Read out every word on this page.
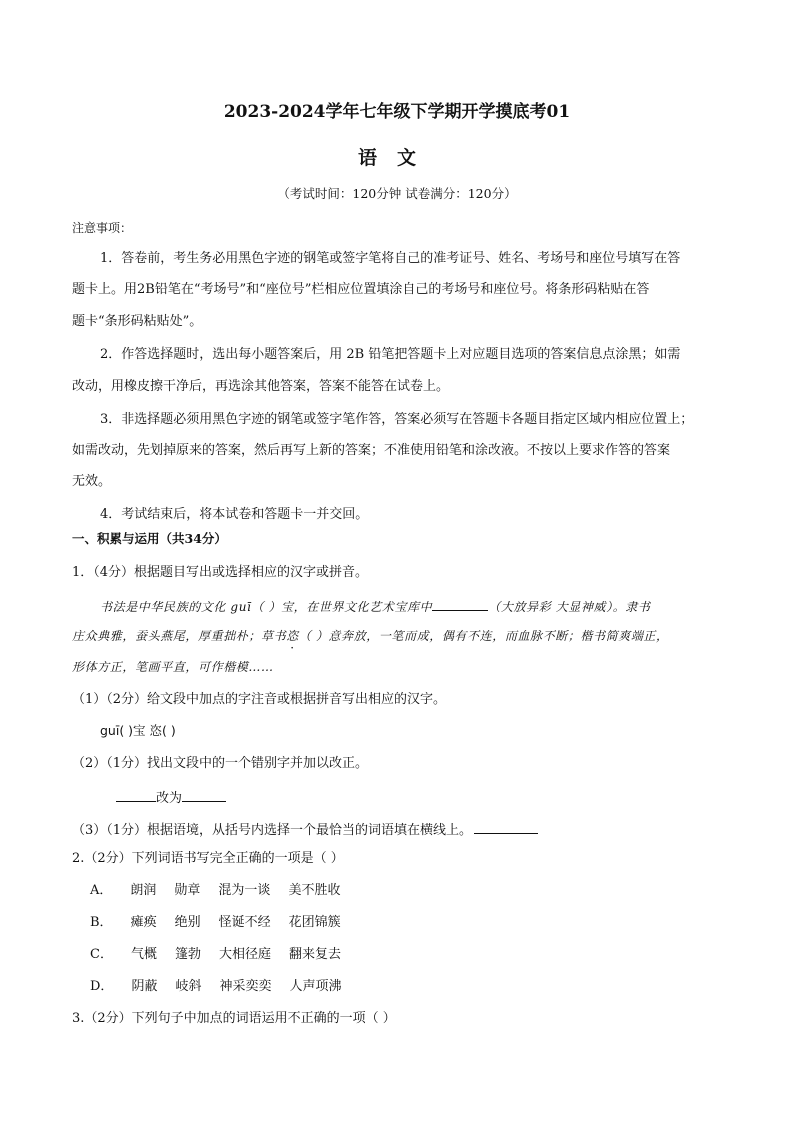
2023-2024学年七年级下学期开学摸底考01
语文
（考试时间：120分钟 试卷满分：120分）
注意事项：
1．答卷前，考生务必用黑色字迹的钢笔或签字笔将自己的准考证号、姓名、考场号和座位号填写在答
题卡上。用2B铅笔在“考场号”和“座位号”栏相应位置填涂自己的考场号和座位号。将条形码粘贴在答
题卡“条形码粘贴处”。
2．作答选择题时，选出每小题答案后，用 2B 铅笔把答题卡上对应题目选项的答案信息点涂黑；如需
改动，用橡皮擦干净后，再选涂其他答案，答案不能答在试卷上。
3．非选择题必须用黑色字迹的钢笔或签字笔作答，答案必须写在答题卡各题目指定区域内相应位置上；
如需改动，先划掉原来的答案，然后再写上新的答案；不准使用铅笔和涂改液。不按以上要求作答的答案
无效。
4．考试结束后，将本试卷和答题卡一并交回。
一、积累与运用（共34分）
1．（4分）根据题目写出或选择相应的汉字或拼音。
书法是中华民族的文化 guī（ ）宝，在世界文化艺术宝库中	（大放异彩 大显神威）。隶书
庄众典雅，蚕头燕尾，厚重拙朴；草书恣（ ）意奔放，一笔而成，偶有不连，而血脉不断；楷书简爽端正，
形体方正，笔画平直，可作楷模……
（1）（2分）给文段中加点的字注音或根据拼音写出相应的汉字。
guī( )宝 恣( )
（2）（1分）找出文段中的一个错别字并加以改正。
改为
（3）（1分）根据语境，从括号内选择一个最恰当的词语填在横线上。
2.（2分）下列词语书写完全正确的一项是（ ）
A． 朗润 勋章 混为一谈 美不胜收
B． 瘫痪 绝别 怪诞不经 花团锦簇
C． 气概 篷勃 大相径庭 翻来复去
D． 阴蔽 岐斜 神采奕奕 人声项沸
3.（2分）下列句子中加点的词语运用不正确的一项（ ）
